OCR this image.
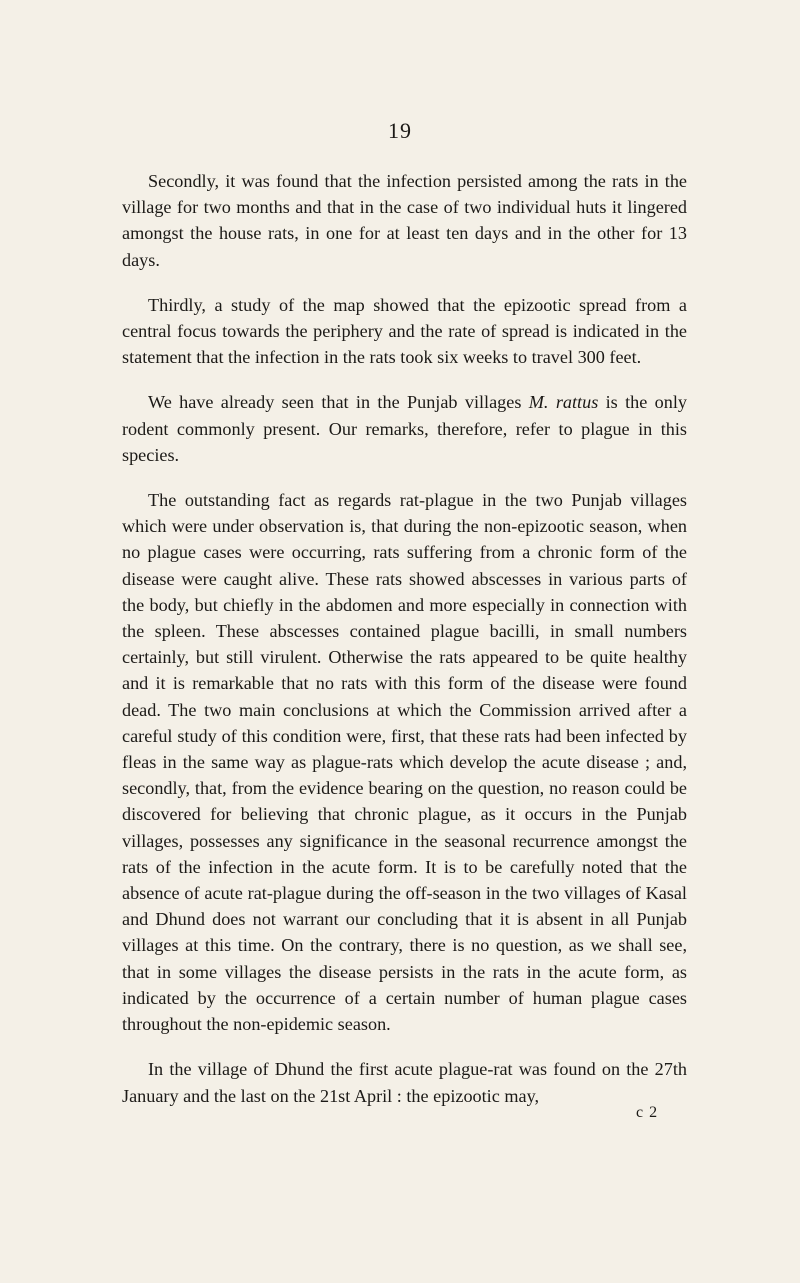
19

Secondly, it was found that the infection persisted among the rats in the village for two months and that in the case of two individual huts it lingered amongst the house rats, in one for at least ten days and in the other for 13 days.

Thirdly, a study of the map showed that the epizootic spread from a central focus towards the periphery and the rate of spread is indicated in the statement that the infection in the rats took six weeks to travel 300 feet.

We have already seen that in the Punjab villages M. rattus is the only rodent commonly present. Our remarks, therefore, refer to plague in this species.

The outstanding fact as regards rat-plague in the two Punjab villages which were under observation is, that during the non-epizootic season, when no plague cases were occurring, rats suffering from a chronic form of the disease were caught alive. These rats showed abscesses in various parts of the body, but chiefly in the abdomen and more especially in connection with the spleen. These abscesses contained plague bacilli, in small numbers certainly, but still virulent. Otherwise the rats appeared to be quite healthy and it is remarkable that no rats with this form of the disease were found dead. The two main conclusions at which the Commission arrived after a careful study of this condition were, first, that these rats had been infected by fleas in the same way as plague-rats which develop the acute disease ; and, secondly, that, from the evidence bearing on the question, no reason could be discovered for believing that chronic plague, as it occurs in the Punjab villages, possesses any significance in the seasonal recurrence amongst the rats of the infection in the acute form. It is to be carefully noted that the absence of acute rat-plague during the off-season in the two villages of Kasal and Dhund does not warrant our concluding that it is absent in all Punjab villages at this time. On the contrary, there is no question, as we shall see, that in some villages the disease persists in the rats in the acute form, as indicated by the occurrence of a certain number of human plague cases throughout the non-epidemic season.

In the village of Dhund the first acute plague-rat was found on the 27th January and the last on the 21st April : the epizootic may,

c 2
